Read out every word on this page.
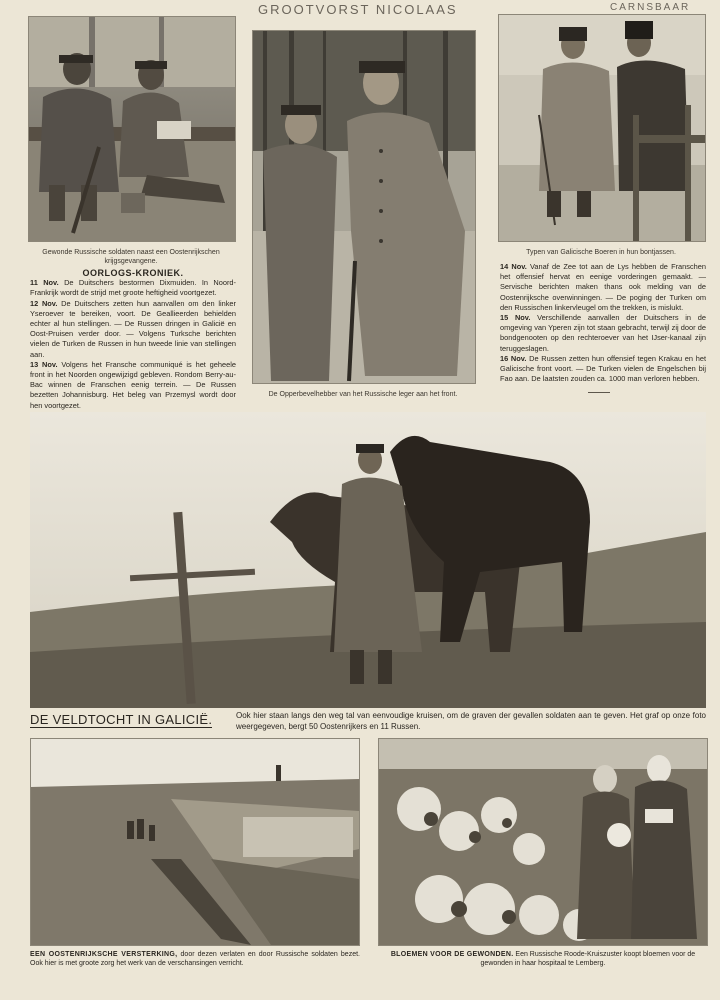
GROOTVORST NICOLAAS	CARNSBAAR
Gewonde Russische soldaten naast een Oostenrijkschen krijgsgevangene.

OORLOGS-KRONIEK.

11 Nov. De Duitschers bestormen Dixmuiden. In Noord-Frankrijk wordt de strijd met groote heftigheid voortgezet.

12 Nov. De Duitschers zetten hun aanvallen om den linker Yseroever te bereiken, voort. De Geallieerden behielden echter al hun stellingen. — De Russen dringen in Galicië en Oost-Pruisen verder door. — Volgens Turksche berichten vielen de Turken de Russen in hun tweede linie van stellingen aan.

13 Nov. Volgens het Fransche communiqué is het geheele front in het Noorden ongewijzigd gebleven. Rondom Berry-au-Bac winnen de Franschen eenig terrein. — De Russen bezetten Johannisburg. Het beleg van Przemysl wordt door hen voortgezet.

De Opperbevelhebber van het Russische leger aan het front.
Typen van Galicische Boeren in hun bontjassen.

14 Nov. Vanaf de Zee tot aan de Lys hebben de Franschen het offensief hervat en eenige vorderingen gemaakt. — Servische berichten maken thans ook melding van de Oostenrijksche overwinningen. — De poging der Turken om den Russischen linkervleugel om the trekken, is mislukt.

15 Nov. Verschillende aanvallen der Duitschers in de omgeving van Yperen zijn tot staan gebracht, terwijl zij door de bondgenooten op den rechteroever van het IJser-kanaal zijn teruggeslagen.

16 Nov. De Russen zetten hun offensief tegen Krakau en het Galicische front voort. — De Turken vielen de Engelschen bij Fao aan. De laatsten zouden ca. 1000 man verloren hebben.

DE VELDTOCHT IN GALICIË.	Ook hier staan langs den weg tal van eenvoudige kruisen, om de graven der gevallen soldaten aan te geven. Het graf op onze foto weergegeven, bergt 50 Oostenrijkers en 11 Russen.
EEN OOSTENRIJKSCHE VERSTERKING, door dezen verlaten en door Russische soldaten bezet. Ook hier is met groote zorg het werk van de verschansingen verricht.
BLOEMEN VOOR DE GEWONDEN. Een Russische Roode-Kruiszuster koopt bloemen voor de gewonden in haar hospitaal te Lemberg.
